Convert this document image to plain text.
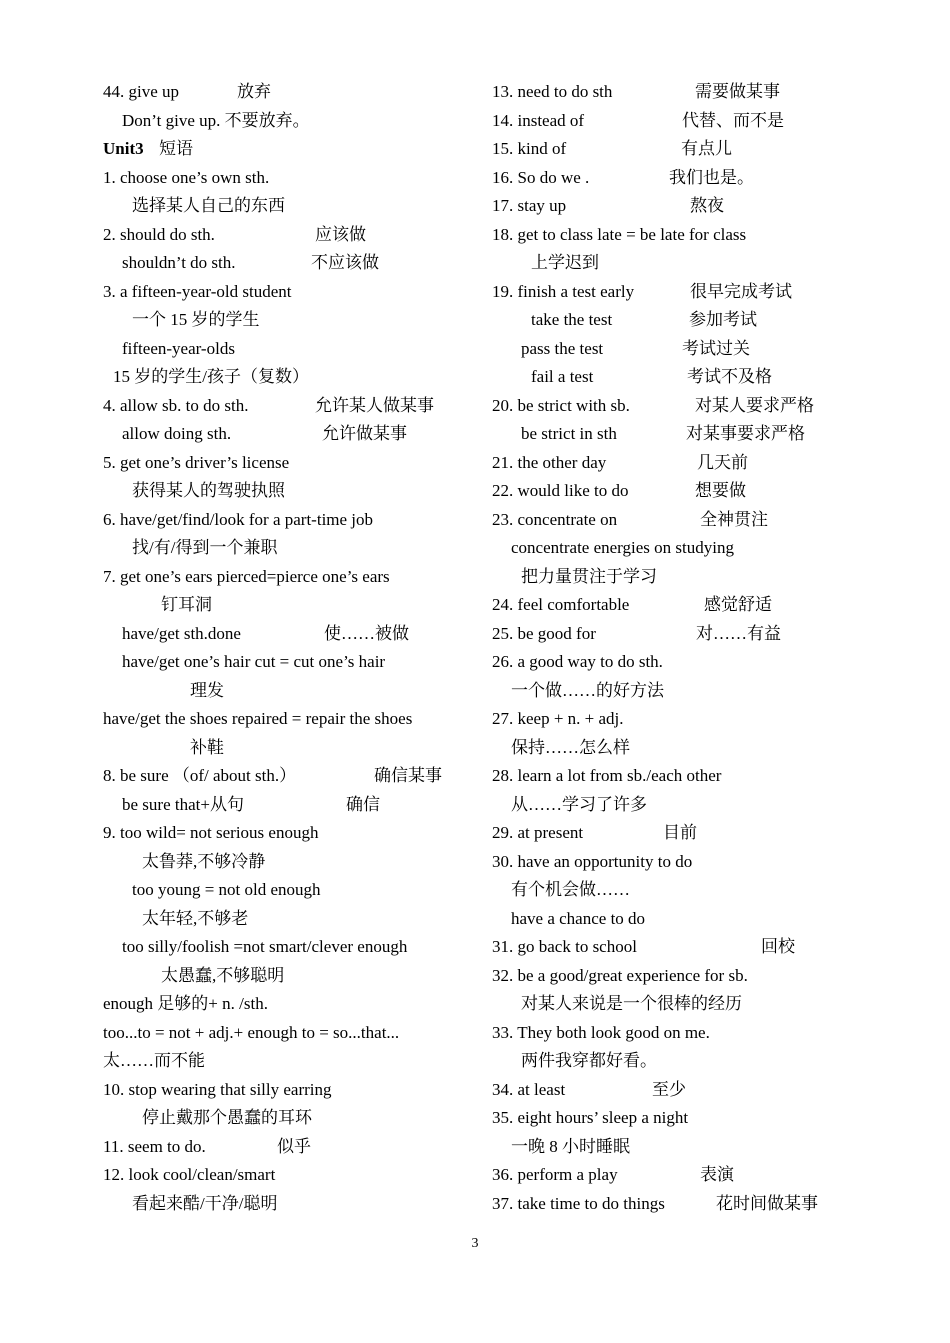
44. give up	放弃
Don’t give up. 不要放弃。
Unit3 短语
1. choose one’s own sth.
选择某人自己的东西
2. should do sth.	应该做
shouldn’t do sth.	不应该做
3. a fifteen-year-old student
一个 15 岁的学生
fifteen-year-olds
15 岁的学生/孩子（复数）
4. allow sb. to do sth.	允许某人做某事
allow doing sth.	允许做某事
5. get one’s driver’s license
获得某人的驾驶执照
6. have/get/find/look for a part-time job
找/有/得到一个兼职
7. get one’s ears pierced=pierce one’s ears
钉耳洞
have/get sth.done	使……被做
have/get one’s hair cut = cut one’s hair
理发
have/get the shoes repaired = repair the shoes
补鞋
8. be sure （of/ about sth.）	确信某事
be sure that+从句	确信
9. too wild= not serious enough
太鲁莽,不够冷静
too young = not old enough
太年轻,不够老
too silly/foolish =not smart/clever enough
太愚蠢,不够聪明
enough 足够的+ n. /sth.
too...to = not + adj.+ enough to = so...that...
太……而不能
10. stop wearing that silly earring
停止戴那个愚蠢的耳环
11. seem to do.	似乎
12. look cool/clean/smart
看起来酷/干净/聪明
13. need to do sth	需要做某事
14. instead of	代替、而不是
15. kind of	有点儿
16. So do we .	我们也是。
17. stay up	熬夜
18. get to class late = be late for class
上学迟到
19. finish a test early	很早完成考试
take the test	参加考试
pass the test	考试过关
fail a test	考试不及格
20. be strict with sb.	对某人要求严格
be strict in sth	对某事要求严格
21. the other day	几天前
22. would like to do	想要做
23. concentrate on	全神贯注
concentrate energies on studying
把力量贯注于学习
24. feel comfortable	感觉舒适
25. be good for	对……有益
26. a good way to do sth.
一个做……的好方法
27. keep + n. + adj.
保持……怎么样
28. learn a lot from sb./each other
从……学习了许多
29. at present	目前
30. have an opportunity to do
有个机会做……
have a chance to do
31. go back to school	回校
32. be a good/great experience for sb.
对某人来说是一个很棒的经历
33. They both look good on me.
两件我穿都好看。
34. at least	至少
35. eight hours’ sleep a night
一晚 8 小时睡眠
36. perform a play	表演
37. take time to do things	花时间做某事
3
